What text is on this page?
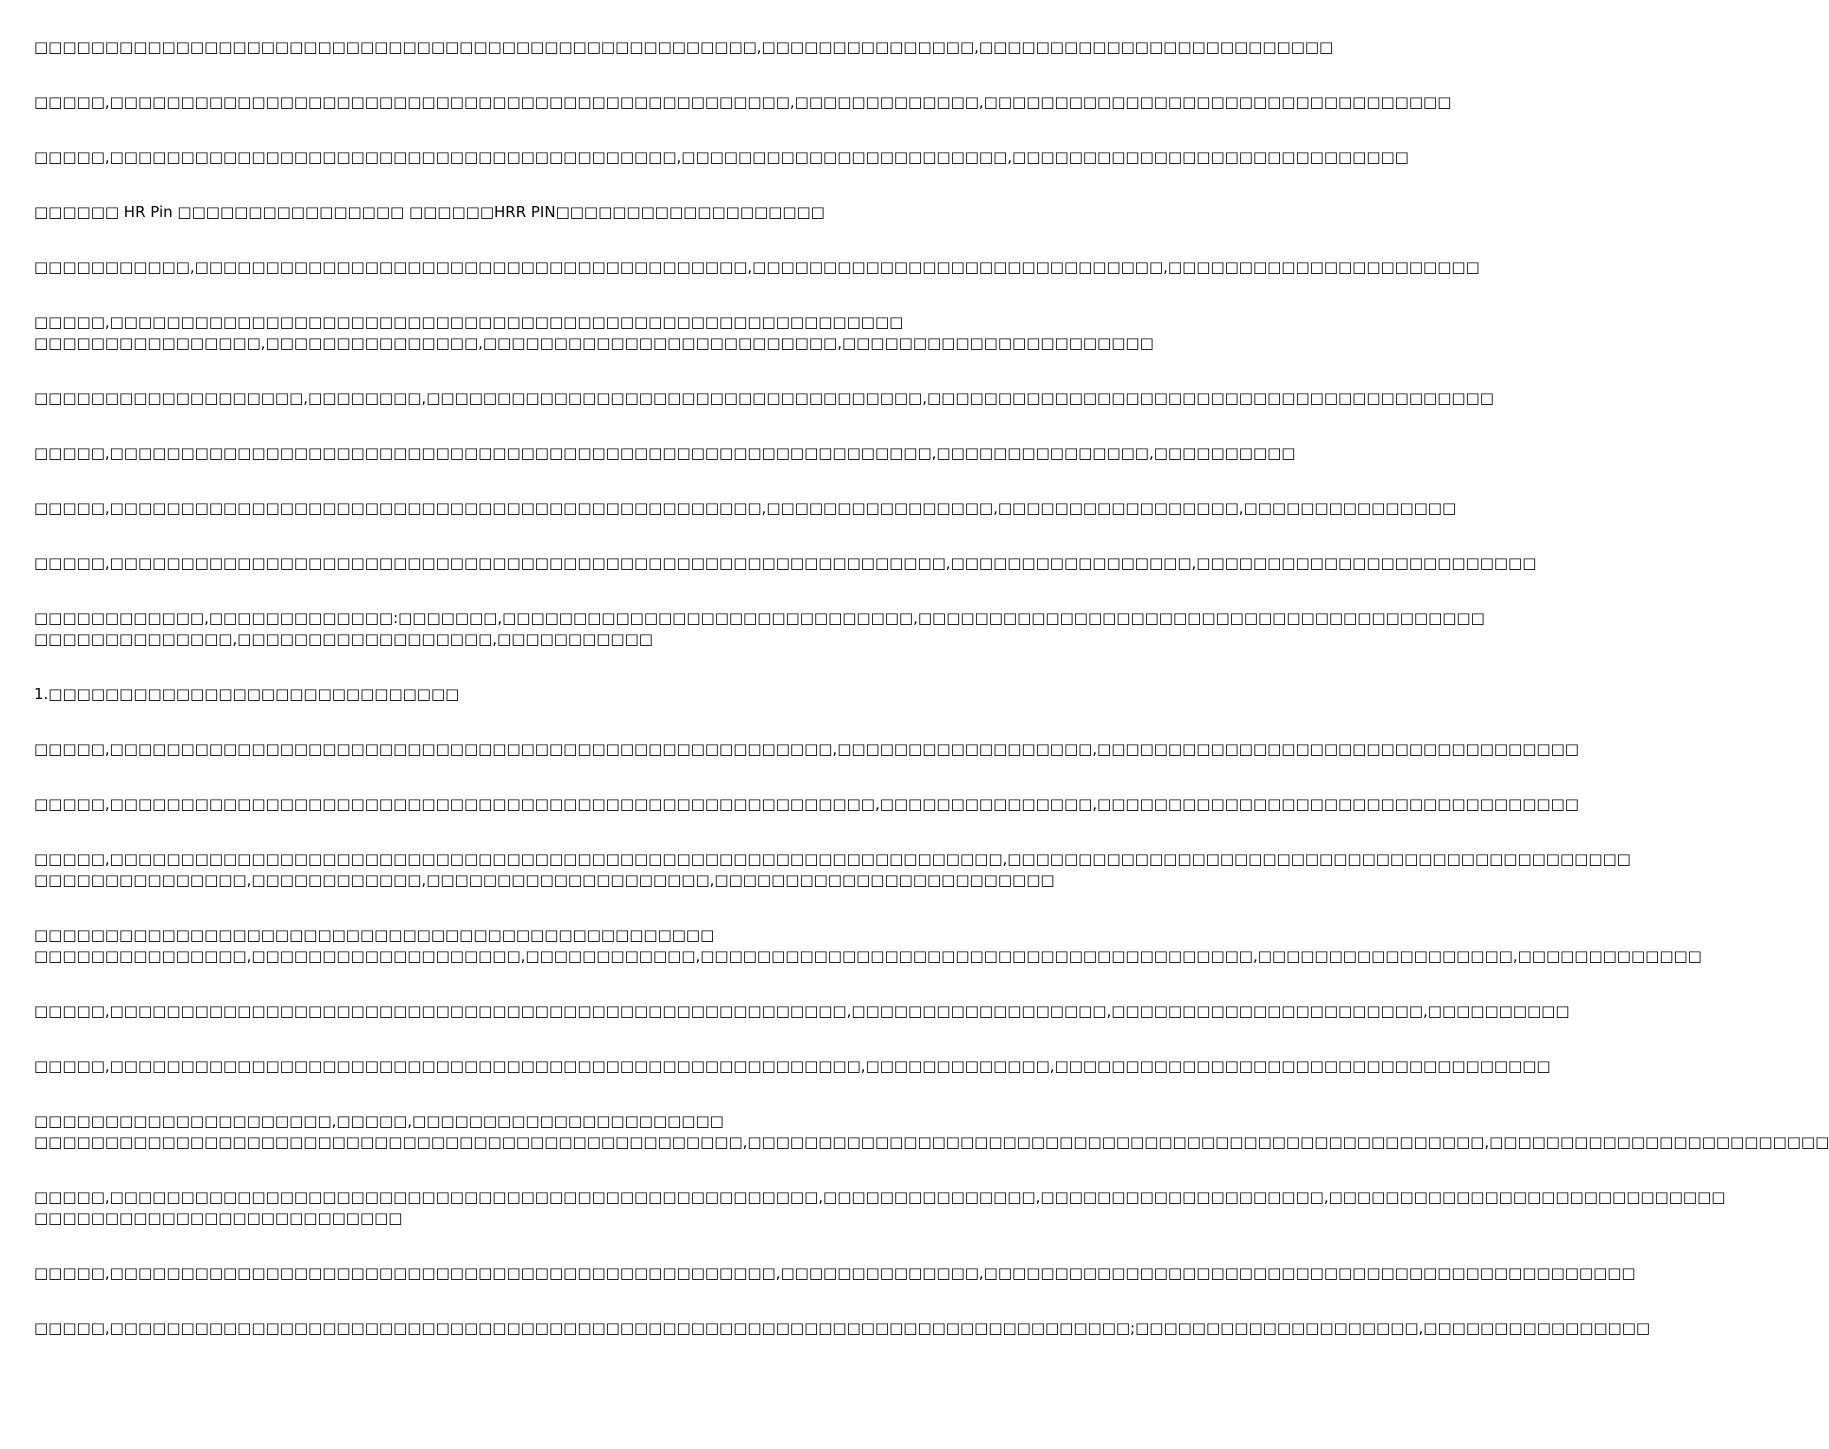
□□□□□□□□□□□□□□□□□□□□□□□□□□□□□□□□□□□□□□□□□□□□□□□□□□□,□□□□□□□□□□□□□□□,□□□□□□□□□□□□□□□□□□□□□□□□□
□□□□□,□□□□□□□□□□□□□□□□□□□□□□□□□□□□□□□□□□□□□□□□□□□□□□□□,□□□□□□□□□□□□□,□□□□□□□□□□□□□□□□□□□□□□□□□□□□□□□□□
□□□□□,□□□□□□□□□□□□□□□□□□□□□□□□□□□□□□□□□□□□□□□□,□□□□□□□□□□□□□□□□□□□□□□□,□□□□□□□□□□□□□□□□□□□□□□□□□□□□
□□□□□□ HR Pin □□□□□□□□□□□□□□□□ □□□□□□HRR PIN□□□□□□□□□□□□□□□□□□□
□□□□□□□□□□□,□□□□□□□□□□□□□□□□□□□□□□□□□□□□□□□□□□□□□□□,□□□□□□□□□□□□□□□□□□□□□□□□□□□□□,□□□□□□□□□□□□□□□□□□□□□□
□□□□□,□□□□□□□□□□□□□□□□□□□□□□□□□□□□□□□□□□□□□□□□□□□□□□□□□□□□□□□□
□□□□□□□□□□□□□□□□,□□□□□□□□□□□□□□□,□□□□□□□□□□□□□□□□□□□□□□□□□,□□□□□□□□□□□□□□□□□□□□□□
□□□□□□□□□□□□□□□□□□□,□□□□□□□□,□□□□□□□□□□□□□□□□□□□□□□□□□□□□□□□□□□□,□□□□□□□□□□□□□□□□□□□□□□□□□□□□□□□□□□□□□□□□
□□□□□,□□□□□□□□□□□□□□□□□□□□□□□□□□□□□□□□□□□□□□□□□□□□□□□□□□□□□□□□□□,□□□□□□□□□□□□□□□,□□□□□□□□□□
□□□□□,□□□□□□□□□□□□□□□□□□□□□□□□□□□□□□□□□□□□□□□□□□□□□□,□□□□□□□□□□□□□□□□,□□□□□□□□□□□□□□□□□,□□□□□□□□□□□□□□□
□□□□□,□□□□□□□□□□□□□□□□□□□□□□□□□□□□□□□□□□□□□□□□□□□□□□□□□□□□□□□□□□□,□□□□□□□□□□□□□□□□□,□□□□□□□□□□□□□□□□□□□□□□□□
□□□□□□□□□□□□,□□□□□□□□□□□□□:□□□□□□□,□□□□□□□□□□□□□□□□□□□□□□□□□□□□□,□□□□□□□□□□□□□□□□□□□□□□□□□□□□□□□□□□□□□□□□
□□□□□□□□□□□□□□,□□□□□□□□□□□□□□□□□□,□□□□□□□□□□□
1.□□□□□□□□□□□□□□□□□□□□□□□□□□□□□
□□□□□,□□□□□□□□□□□□□□□□□□□□□□□□□□□□□□□□□□□□□□□□□□□□□□□□□□□,□□□□□□□□□□□□□□□□□□,□□□□□□□□□□□□□□□□□□□□□□□□□□□□□□□□□□
□□□□□,□□□□□□□□□□□□□□□□□□□□□□□□□□□□□□□□□□□□□□□□□□□□□□□□□□□□□□,□□□□□□□□□□□□□□□,□□□□□□□□□□□□□□□□□□□□□□□□□□□□□□□□□□
□□□□□,□□□□□□□□□□□□□□□□□□□□□□□□□□□□□□□□□□□□□□□□□□□□□□□□□□□□□□□□□□□□□□□,□□□□□□□□□□□□□□□□□□□□□□□□□□□□□□□□□□□□□□□□□□□□
□□□□□□□□□□□□□□□,□□□□□□□□□□□□,□□□□□□□□□□□□□□□□□□□□,□□□□□□□□□□□□□□□□□□□□□□□□
□□□□□□□□□□□□□□□□□□□□□□□□□□□□□□□□□□□□□□□□□□□□□□□□
□□□□□□□□□□□□□□□,□□□□□□□□□□□□□□□□□□□,□□□□□□□□□□□□,□□□□□□□□□□□□□□□□□□□□□□□□□□□□□□□□□□□□□□□,□□□□□□□□□□□□□□□□□□,□□□□□□□□□□□□□
□□□□□,□□□□□□□□□□□□□□□□□□□□□□□□□□□□□□□□□□□□□□□□□□□□□□□□□□□□,□□□□□□□□□□□□□□□□□□,□□□□□□□□□□□□□□□□□□□□□□,□□□□□□□□□□
□□□□□,□□□□□□□□□□□□□□□□□□□□□□□□□□□□□□□□□□□□□□□□□□□□□□□□□□□□□,□□□□□□□□□□□□□,□□□□□□□□□□□□□□□□□□□□□□□□□□□□□□□□□□□
□□□□□□□□□□□□□□□□□□□□□,□□□□□,□□□□□□□□□□□□□□□□□□□□□□
□□□□□□□□□□□□□□□□□□□□□□□□□□□□□□□□□□□□□□□□□□□□□□□□□□,□□□□□□□□□□□□□□□□□□□□□□□□□□□□□□□□□□□□□□□□□□□□□□□□□□□□,□□□□□□□□□□□□□□□□□□□□□□□□
□□□□□,□□□□□□□□□□□□□□□□□□□□□□□□□□□□□□□□□□□□□□□□□□□□□□□□□□,□□□□□□□□□□□□□□□,□□□□□□□□□□□□□□□□□□□□,□□□□□□□□□□□□□□□□□□□□□□□□□□□□
□□□□□□□□□□□□□□□□□□□□□□□□□□
□□□□□,□□□□□□□□□□□□□□□□□□□□□□□□□□□□□□□□□□□□□□□□□□□□□□□,□□□□□□□□□□□□□□,□□□□□□□□□□□□□□□□□□□□□□□□□□□□□□□□□□□□□□□□□□□□□□
□□□□□,□□□□□□□□□□□□□□□□□□□□□□□□□□□□□□□□□□□□□□□□□□□□□□□□□□□□□□□□□□□□□□□□□□□□□□□□;□□□□□□□□□□□□□□□□□□□□,□□□□□□□□□□□□□□□□
